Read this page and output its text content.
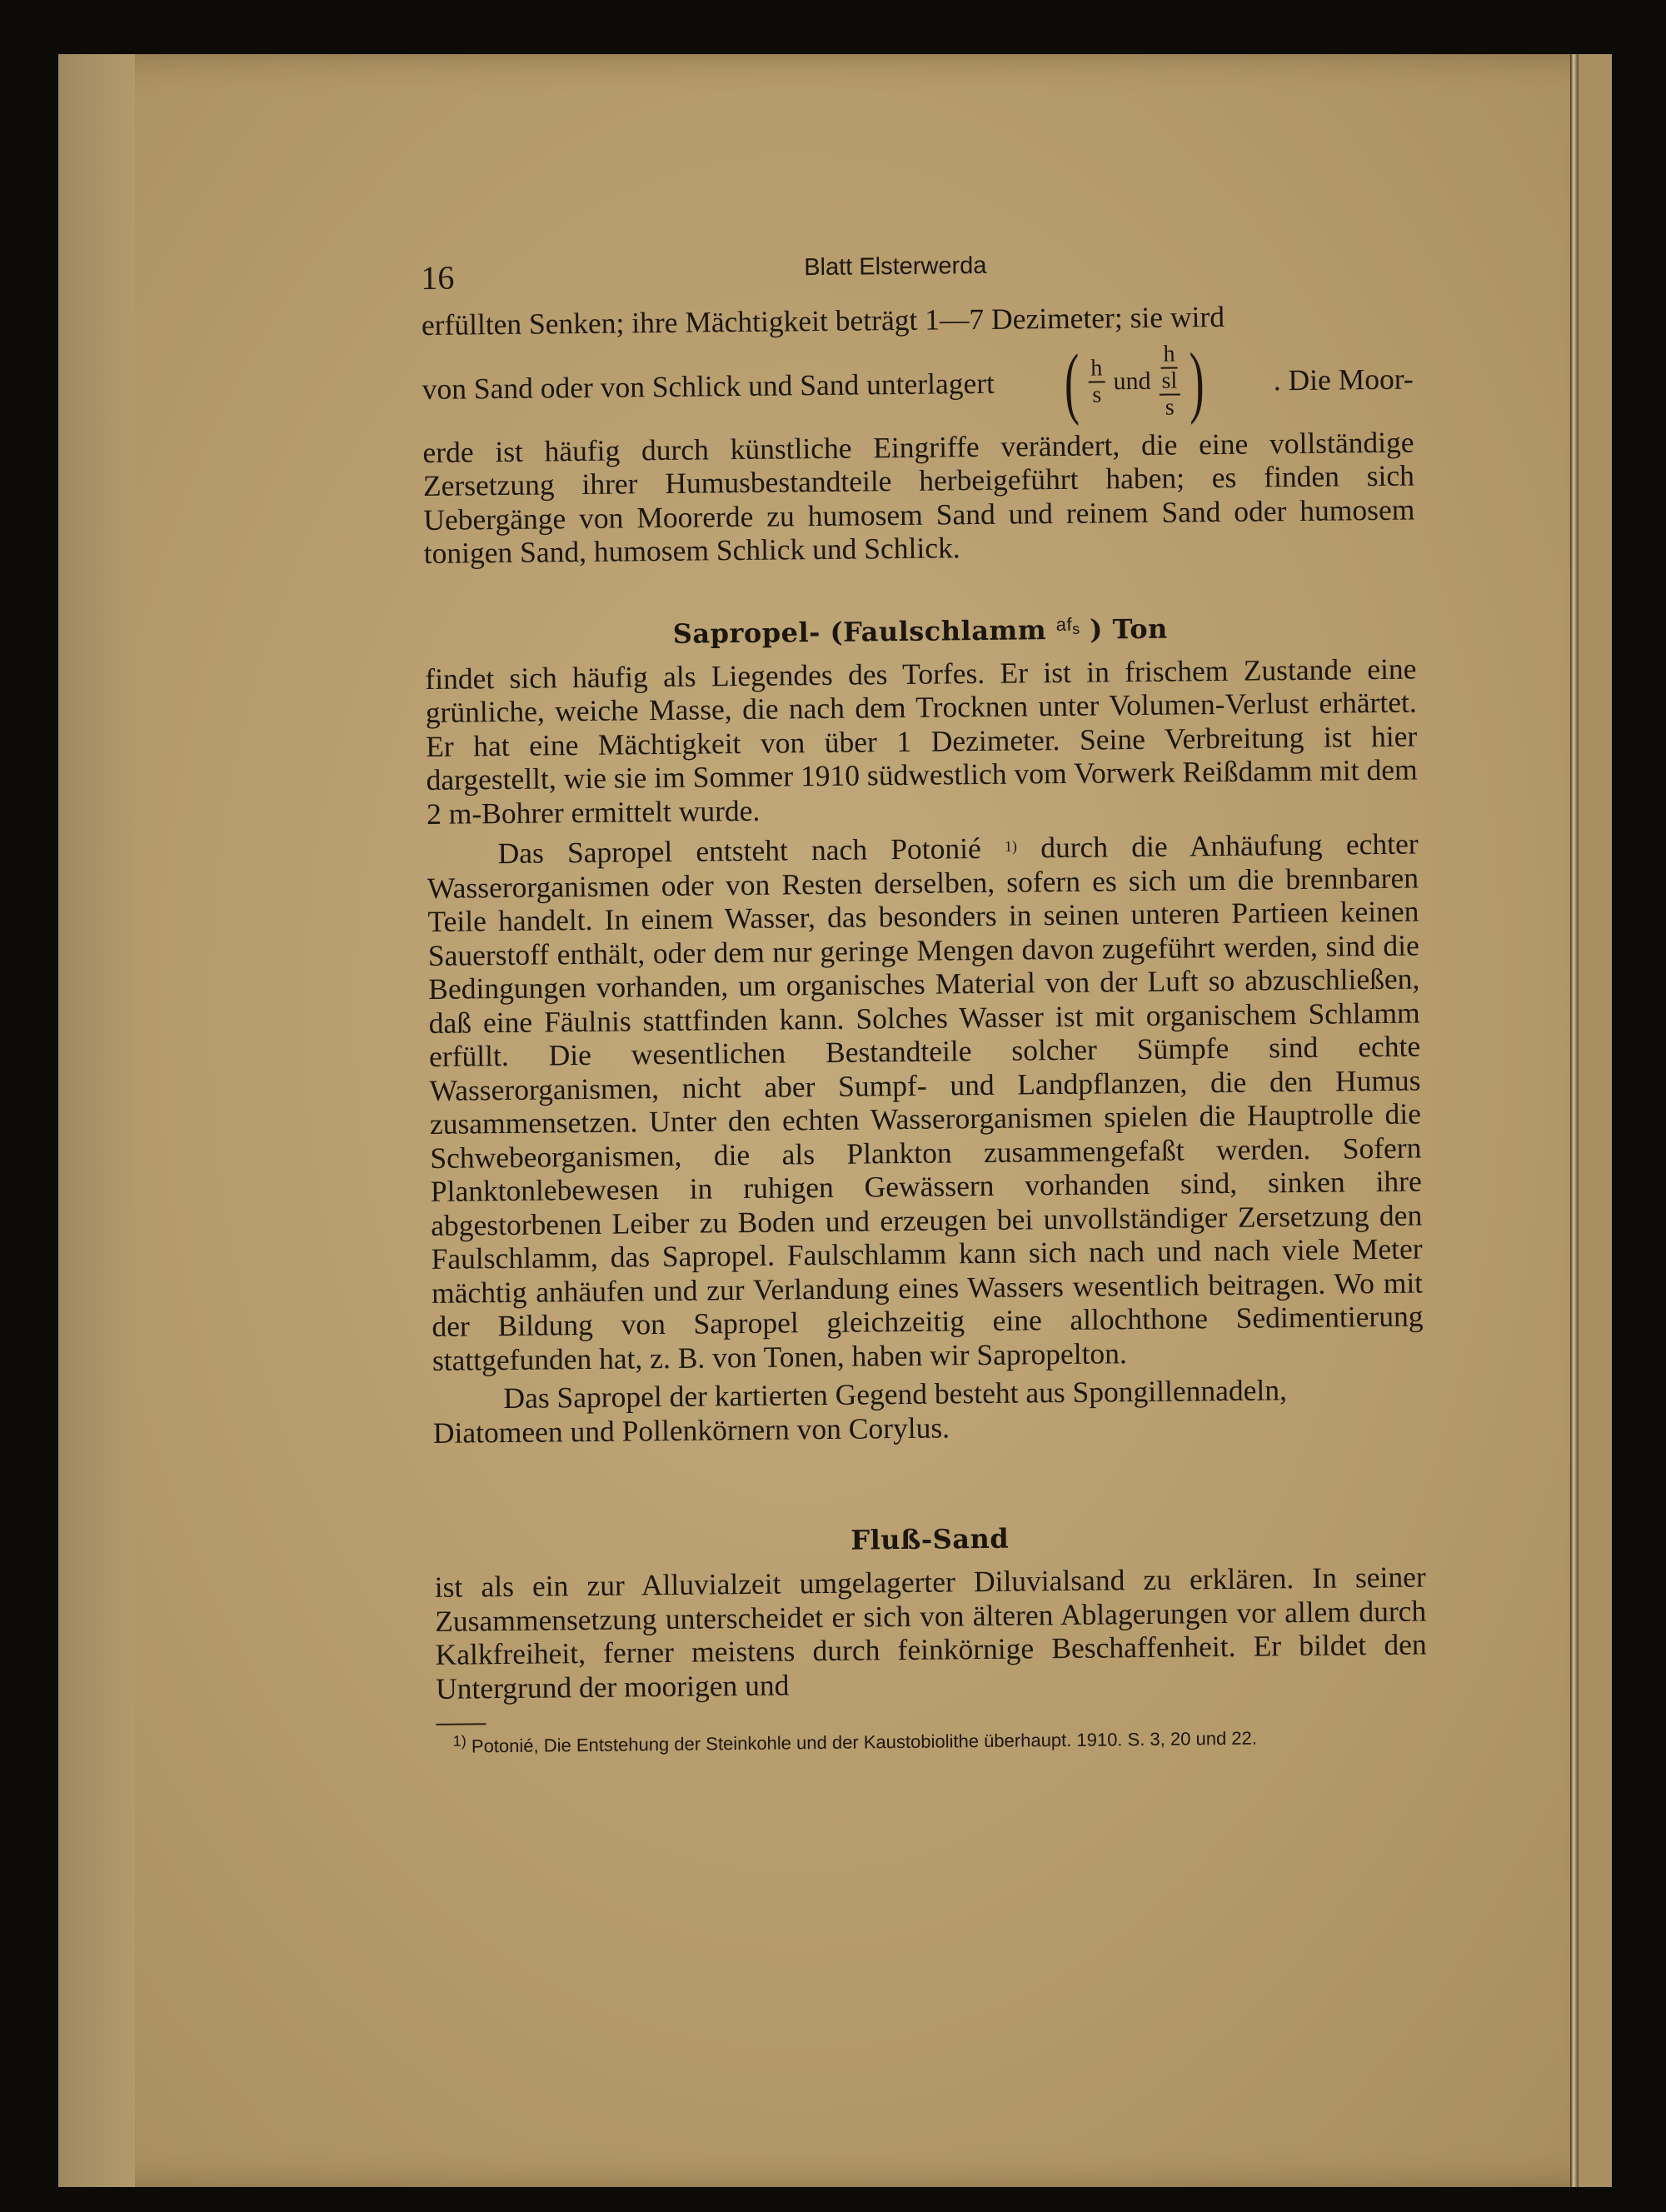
16	Blatt Elsterwerda

erfüllten Senken; ihre Mächtigkeit beträgt 1—7 Dezimeter; sie wird

von Sand oder von Schlick und Sand unterlagert ( $\frac{h}{s}$ und
h
sl
s ) . Die Moor-

erde ist häufig durch künstliche Eingriffe verändert, die eine vollständige Zersetzung ihrer Humusbestandteile herbeigeführt haben; es finden sich Uebergänge von Moorerde zu humosem Sand und reinem Sand oder humosem tonigen Sand, humosem Schlick und Schlick.

Sapropel- (Faulschlamm $^{af_s}$ ) Ton

findet sich häufig als Liegendes des Torfes. Er ist in frischem Zustande eine grünliche, weiche Masse, die nach dem Trocknen unter Volumen-Verlust erhärtet. Er hat eine Mächtigkeit von über 1 Dezimeter. Seine Verbreitung ist hier dargestellt, wie sie im Sommer 1910 südwestlich vom Vorwerk Reißdamm mit dem 2 m-Bohrer ermittelt wurde.

Das Sapropel entsteht nach Potonié $^{1)}$ durch die Anhäufung echter Wasserorganismen oder von Resten derselben, sofern es sich um die brennbaren Teile handelt. In einem Wasser, das besonders in seinen unteren Partieen keinen Sauerstoff enthält, oder dem nur geringe Mengen davon zugeführt werden, sind die Bedingungen vorhanden, um organisches Material von der Luft so abzuschließen, daß eine Fäulnis stattfinden kann. Solches Wasser ist mit organischem Schlamm erfüllt. Die wesentlichen Bestandteile solcher Sümpfe sind echte Wasserorganismen, nicht aber Sumpf- und Landpflanzen, die den Humus zusammensetzen. Unter den echten Wasserorganismen spielen die Hauptrolle die Schwebeorganismen, die als Plankton zusammengefaßt werden. Sofern Planktonlebewesen in ruhigen Gewässern vorhanden sind, sinken ihre abgestorbenen Leiber zu Boden und erzeugen bei unvollständiger Zersetzung den Faulschlamm, das Sapropel. Faulschlamm kann sich nach und nach viele Meter mächtig anhäufen und zur Verlandung eines Wassers wesentlich beitragen. Wo mit der Bildung von Sapropel gleichzeitig eine allochthone Sedimentierung stattgefunden hat, z. B. von Tonen, haben wir Sapropelton.

Das Sapropel der kartierten Gegend besteht aus Spongillennadeln, Diatomeen und Pollenkörnern von Corylus.

Fluß-Sand

ist als ein zur Alluvialzeit umgelagerter Diluvialsand zu erklären. In seiner Zusammensetzung unterscheidet er sich von älteren Ablagerungen vor allem durch Kalkfreiheit, ferner meistens durch feinkörnige Beschaffenheit. Er bildet den Untergrund der moorigen und

$^{1)}$ Potonié, Die Entstehung der Steinkohle und der Kaustobiolithe überhaupt. 1910. S. 3, 20 und 22.
